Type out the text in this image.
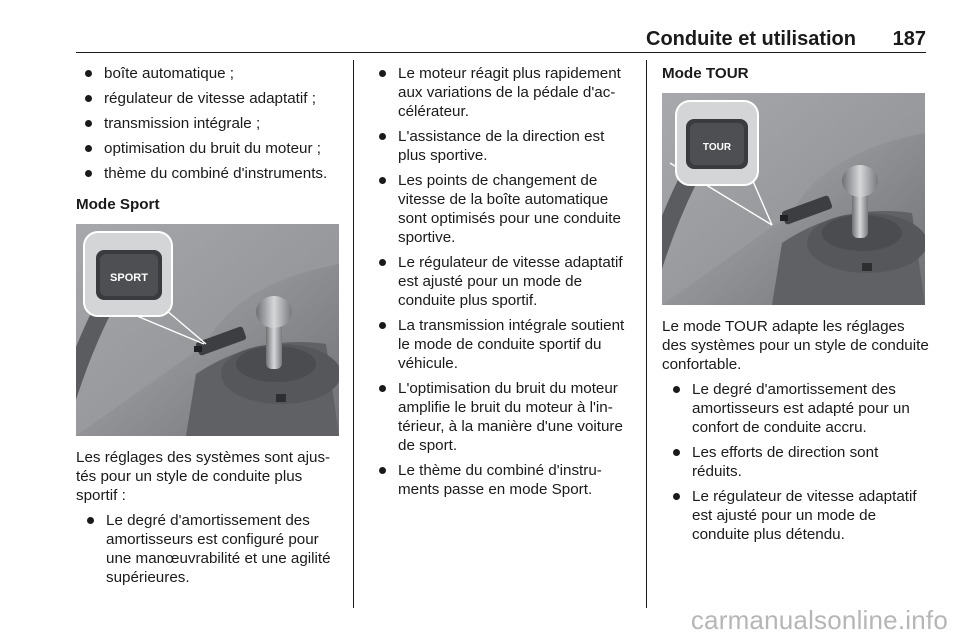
Conduite et utilisation 187
boîte automatique ;
régulateur de vitesse adaptatif ;
transmission intégrale ;
optimisation du bruit du moteur ;
thème du combiné d'instruments.
Mode Sport
SPORT
Les réglages des systèmes sont ajus-tés pour un style de conduite plus sportif :
Le degré d'amortissement des amortisseurs est configuré pour une manœuvrabilité et une agilité supérieures.
Le moteur réagit plus rapidement aux variations de la pédale d'ac-célérateur.
L'assistance de la direction est plus sportive.
Les points de changement de vitesse de la boîte automatique sont optimisés pour une conduite sportive.
Le régulateur de vitesse adaptatif est ajusté pour un mode de conduite plus sportif.
La transmission intégrale soutient le mode de conduite sportif du véhicule.
L'optimisation du bruit du moteur amplifie le bruit du moteur à l'in-térieur, à la manière d'une voiture de sport.
Le thème du combiné d'instru-ments passe en mode Sport.
Mode TOUR
TOUR
Le mode TOUR adapte les réglages des systèmes pour un style de conduite confortable.
Le degré d'amortissement des amortisseurs est adapté pour un confort de conduite accru.
Les efforts de direction sont réduits.
Le régulateur de vitesse adaptatif est ajusté pour un mode de conduite plus détendu.
carmanualsonline.info
